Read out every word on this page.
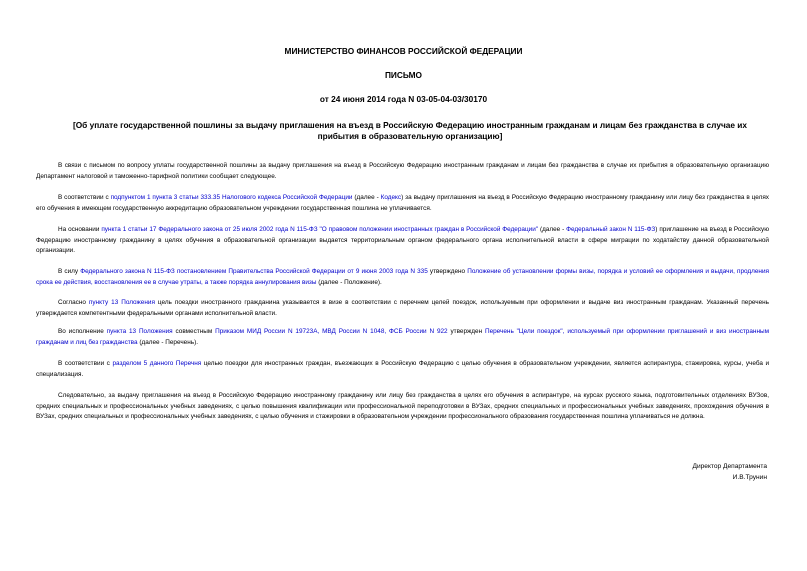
МИНИСТЕРСТВО ФИНАНСОВ РОССИЙСКОЙ ФЕДЕРАЦИИ
ПИСЬМО
от 24 июня 2014 года N 03-05-04-03/30170
[Об уплате государственной пошлины за выдачу приглашения на въезд в Российскую Федерацию иностранным гражданам и лицам без гражданства в случае их прибытия в образовательную организацию]

В связи с письмом по вопросу уплаты государственной пошлины за выдачу приглашения на въезд в Российскую Федерацию иностранным гражданам и лицам без гражданства в случае их прибытия в образовательную организацию Департамент налоговой и таможенно-тарифной политики сообщает следующее.

В соответствии с подпунктом 1 пункта 3 статьи 333.35 Налогового кодекса Российской Федерации (далее - Кодекс) за выдачу приглашения на въезд в Российскую Федерацию иностранному гражданину или лицу без гражданства в целях его обучения в имеющем государственную аккредитацию образовательном учреждении государственная пошлина не уплачивается.

На основании пункта 1 статьи 17 Федерального закона от 25 июля 2002 года N 115-ФЗ "О правовом положении иностранных граждан в Российской Федерации" (далее - Федеральный закон N 115-ФЗ) приглашение на въезд в Российскую Федерацию иностранному гражданину в целях обучения в образовательной организации выдается территориальным органом федерального органа исполнительной власти в сфере миграции по ходатайству данной образовательной организации.

В силу Федерального закона N 115-ФЗ постановлением Правительства Российской Федерации от 9 июня 2003 года N 335 утверждено Положение об установлении формы визы, порядка и условий ее оформления и выдачи, продления срока ее действия, восстановления ее в случае утраты, а также порядка аннулирования визы (далее - Положение).

Согласно пункту 13 Положения цель поездки иностранного гражданина указывается в визе в соответствии с перечнем целей поездок, используемым при оформлении и выдаче виз иностранным гражданам. Указанный перечень утверждается компетентными федеральными органами исполнительной власти.

Во исполнение пункта 13 Положения совместным Приказом МИД России N 19723А, МВД России N 1048, ФСБ России N 922 утвержден Перечень "Цели поездок", используемый при оформлении приглашений и виз иностранным гражданам и лиц без гражданства (далее - Перечень).

В соответствии с разделом 5 данного Перечня целью поездки для иностранных граждан, въезжающих в Российскую Федерацию с целью обучения в образовательном учреждении, является аспирантура, стажировка, курсы, учеба и специализация.

Следовательно, за выдачу приглашения на въезд в Российскую Федерацию иностранному гражданину или лицу без гражданства в целях его обучения в аспирантуре, на курсах русского языка, подготовительных отделениях ВУЗов, средних специальных и профессиональных учебных заведениях, с целью повышения квалификации или профессиональной переподготовки в ВУЗах, средних специальных и профессиональных учебных заведениях, прохождения обучения в ВУЗах, средних специальных и профессиональных учебных заведениях, с целью обучения и стажировки в образовательном учреждении профессионального образования государственная пошлина уплачиваться не должна.

Директор Департамента
И.В.Трунин
